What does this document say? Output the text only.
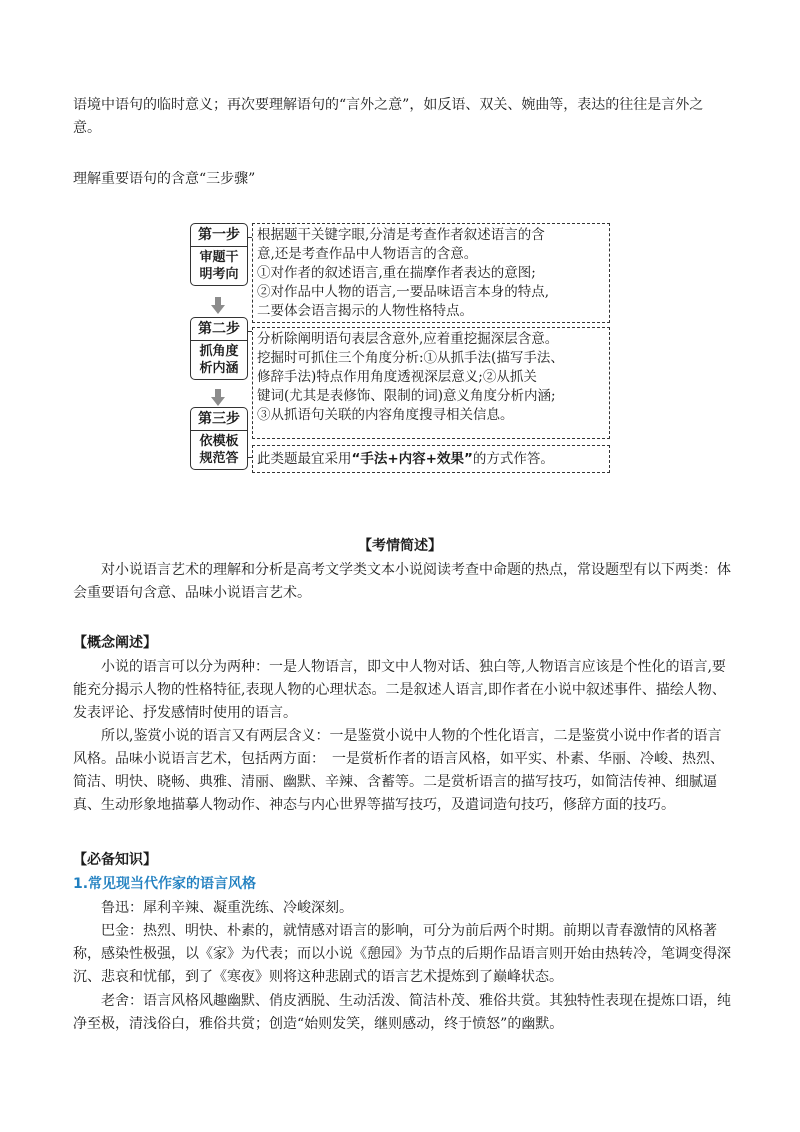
语境中语句的临时意义；再次要理解语句的“言外之意”，如反语、双关、婉曲等，表达的往往是言外之
意。

理解重要语句的含意“三步骤”

第一步
审题干
明考向
第二步
抓角度
析内涵
第三步
依模板
规范答
根据题干关键字眼,分清是考查作者叙述语言的含
意,还是考查作品中人物语言的含意。
①对作者的叙述语言,重在揣摩作者表达的意图;
②对作品中人物的语言,一要品味语言本身的特点,
二要体会语言揭示的人物性格特点。
分析除阐明语句表层含意外,应着重挖掘深层含意。
挖掘时可抓住三个角度分析:①从抓手法(描写手法、
修辞手法)特点作用角度透视深层意义;②从抓关
键词(尤其是表修饰、限制的词)意义角度分析内涵;
③从抓语句关联的内容角度搜寻相关信息。
此类题最宜采用“手法+内容+效果”的方式作答。

【考情简述】

对小说语言艺术的理解和分析是高考文学类文本小说阅读考查中命题的热点，常设题型有以下两类：体会重要语句含意、品味小说语言艺术。

【概念阐述】

小说的语言可以分为两种：一是人物语言，即文中人物对话、独白等,人物语言应该是个性化的语言,要能充分揭示人物的性格特征,表现人物的心理状态。二是叙述人语言,即作者在小说中叙述事件、描绘人物、发表评论、抒发感情时使用的语言。

所以,鉴赏小说的语言又有两层含义：一是鉴赏小说中人物的个性化语言，二是鉴赏小说中作者的语言风格。品味小说语言艺术，包括两方面：　一是赏析作者的语言风格，如平实、朴素、华丽、冷峻、热烈、简洁、明快、晓畅、典雅、清丽、幽默、辛辣、含蓄等。二是赏析语言的描写技巧，如简洁传神、细腻逼真、生动形象地描摹人物动作、神态与内心世界等描写技巧，及遣词造句技巧，修辞方面的技巧。

【必备知识】

1.常见现当代作家的语言风格

鲁迅：犀利辛辣、凝重洗练、冷峻深刻。

巴金：热烈、明快、朴素的，就情感对语言的影响，可分为前后两个时期。前期以青春激情的风格著称，感染性极强，以《家》为代表；而以小说《憩园》为节点的后期作品语言则开始由热转冷，笔调变得深沉、悲哀和忧郁，到了《寒夜》则将这种悲剧式的语言艺术提炼到了巅峰状态。

老舍：语言风格风趣幽默、俏皮洒脱、生动活泼、简洁朴茂、雅俗共赏。其独特性表现在提炼口语，纯净至极，清浅俗白，雅俗共赏；创造“始则发笑，继则感动，终于愤怒”的幽默。
